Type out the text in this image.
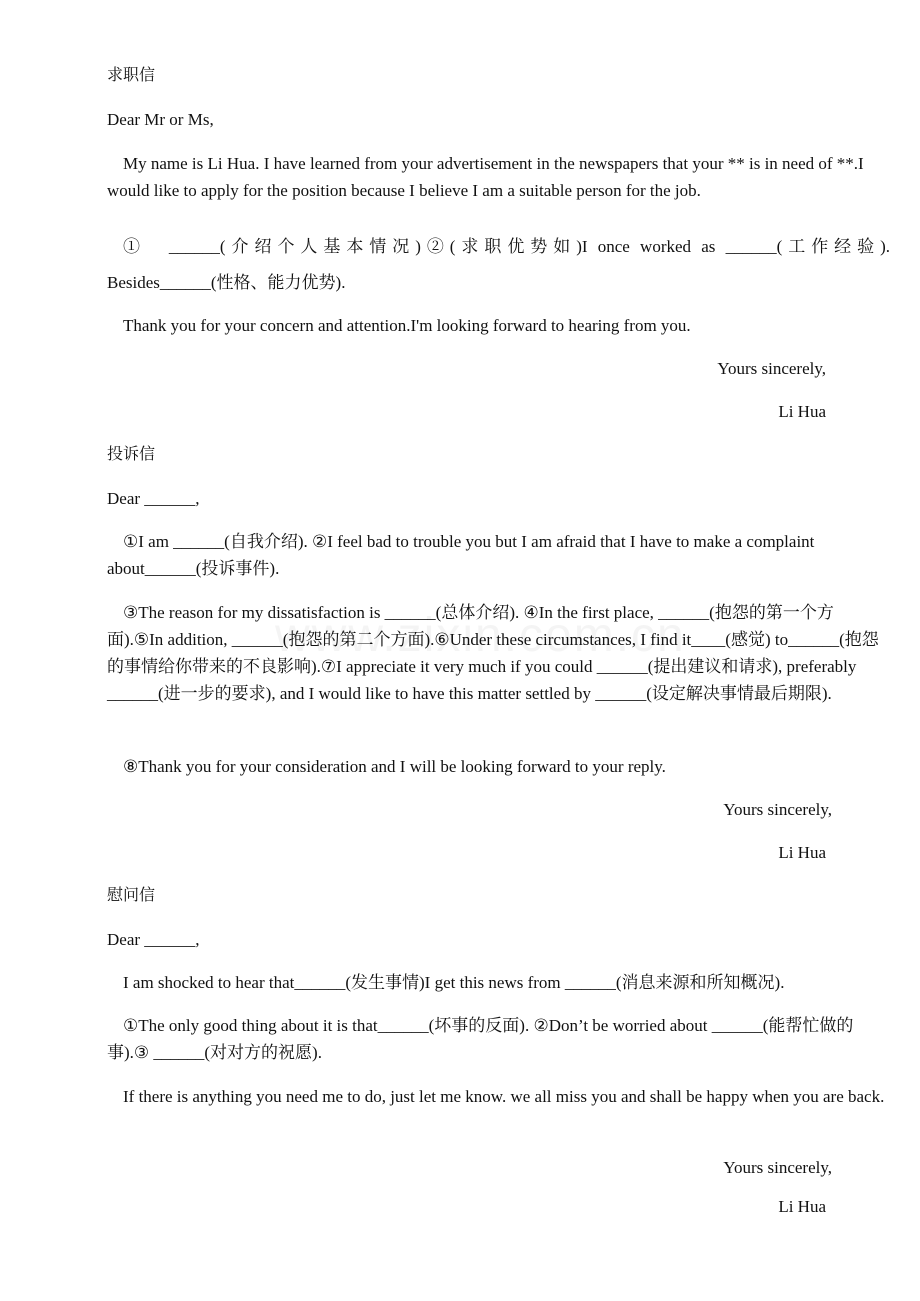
求职信
Dear Mr or Ms,
My name is Li Hua. I have learned from your advertisement in the newspapers that your ** is in need of **.I would like to apply for the position because I believe I am a suitable person for the job.
①　______(介绍个人基本情况)②(求职优势如)I once worked as ______(工作经验).
Besides______(性格、能力优势).
Thank you for your concern and attention.I'm looking forward to hearing from you.
Yours sincerely,
Li Hua
投诉信
Dear ______,
①I am ______(自我介绍). ②I feel bad to trouble you but I am afraid that I have to make a complaint about______(投诉事件).
③The reason for my dissatisfaction is ______(总体介绍). ④In the first place, ______(抱怨的第一个方面).⑤In addition, ______(抱怨的第二个方面).⑥Under these circumstances, I find it____(感觉) to______(抱怨的事情给你带来的不良影响).⑦I appreciate it very much if you could ______(提出建议和请求), preferably ______(进一步的要求), and I would like to have this matter settled by ______(设定解决事情最后期限).
⑧Thank you for your consideration and I will be looking forward to your reply.
Yours sincerely,
Li Hua
慰问信
Dear ______,
I am shocked to hear that______(发生事情)I get this news from ______(消息来源和所知概况).
①The only good thing about it is that______(坏事的反面). ②Don’t be worried about ______(能帮忙做的事).③ ______(对对方的祝愿).
If there is anything you need me to do, just let me know. we all miss you and shall be happy when you are back.
Yours sincerely,
Li Hua
